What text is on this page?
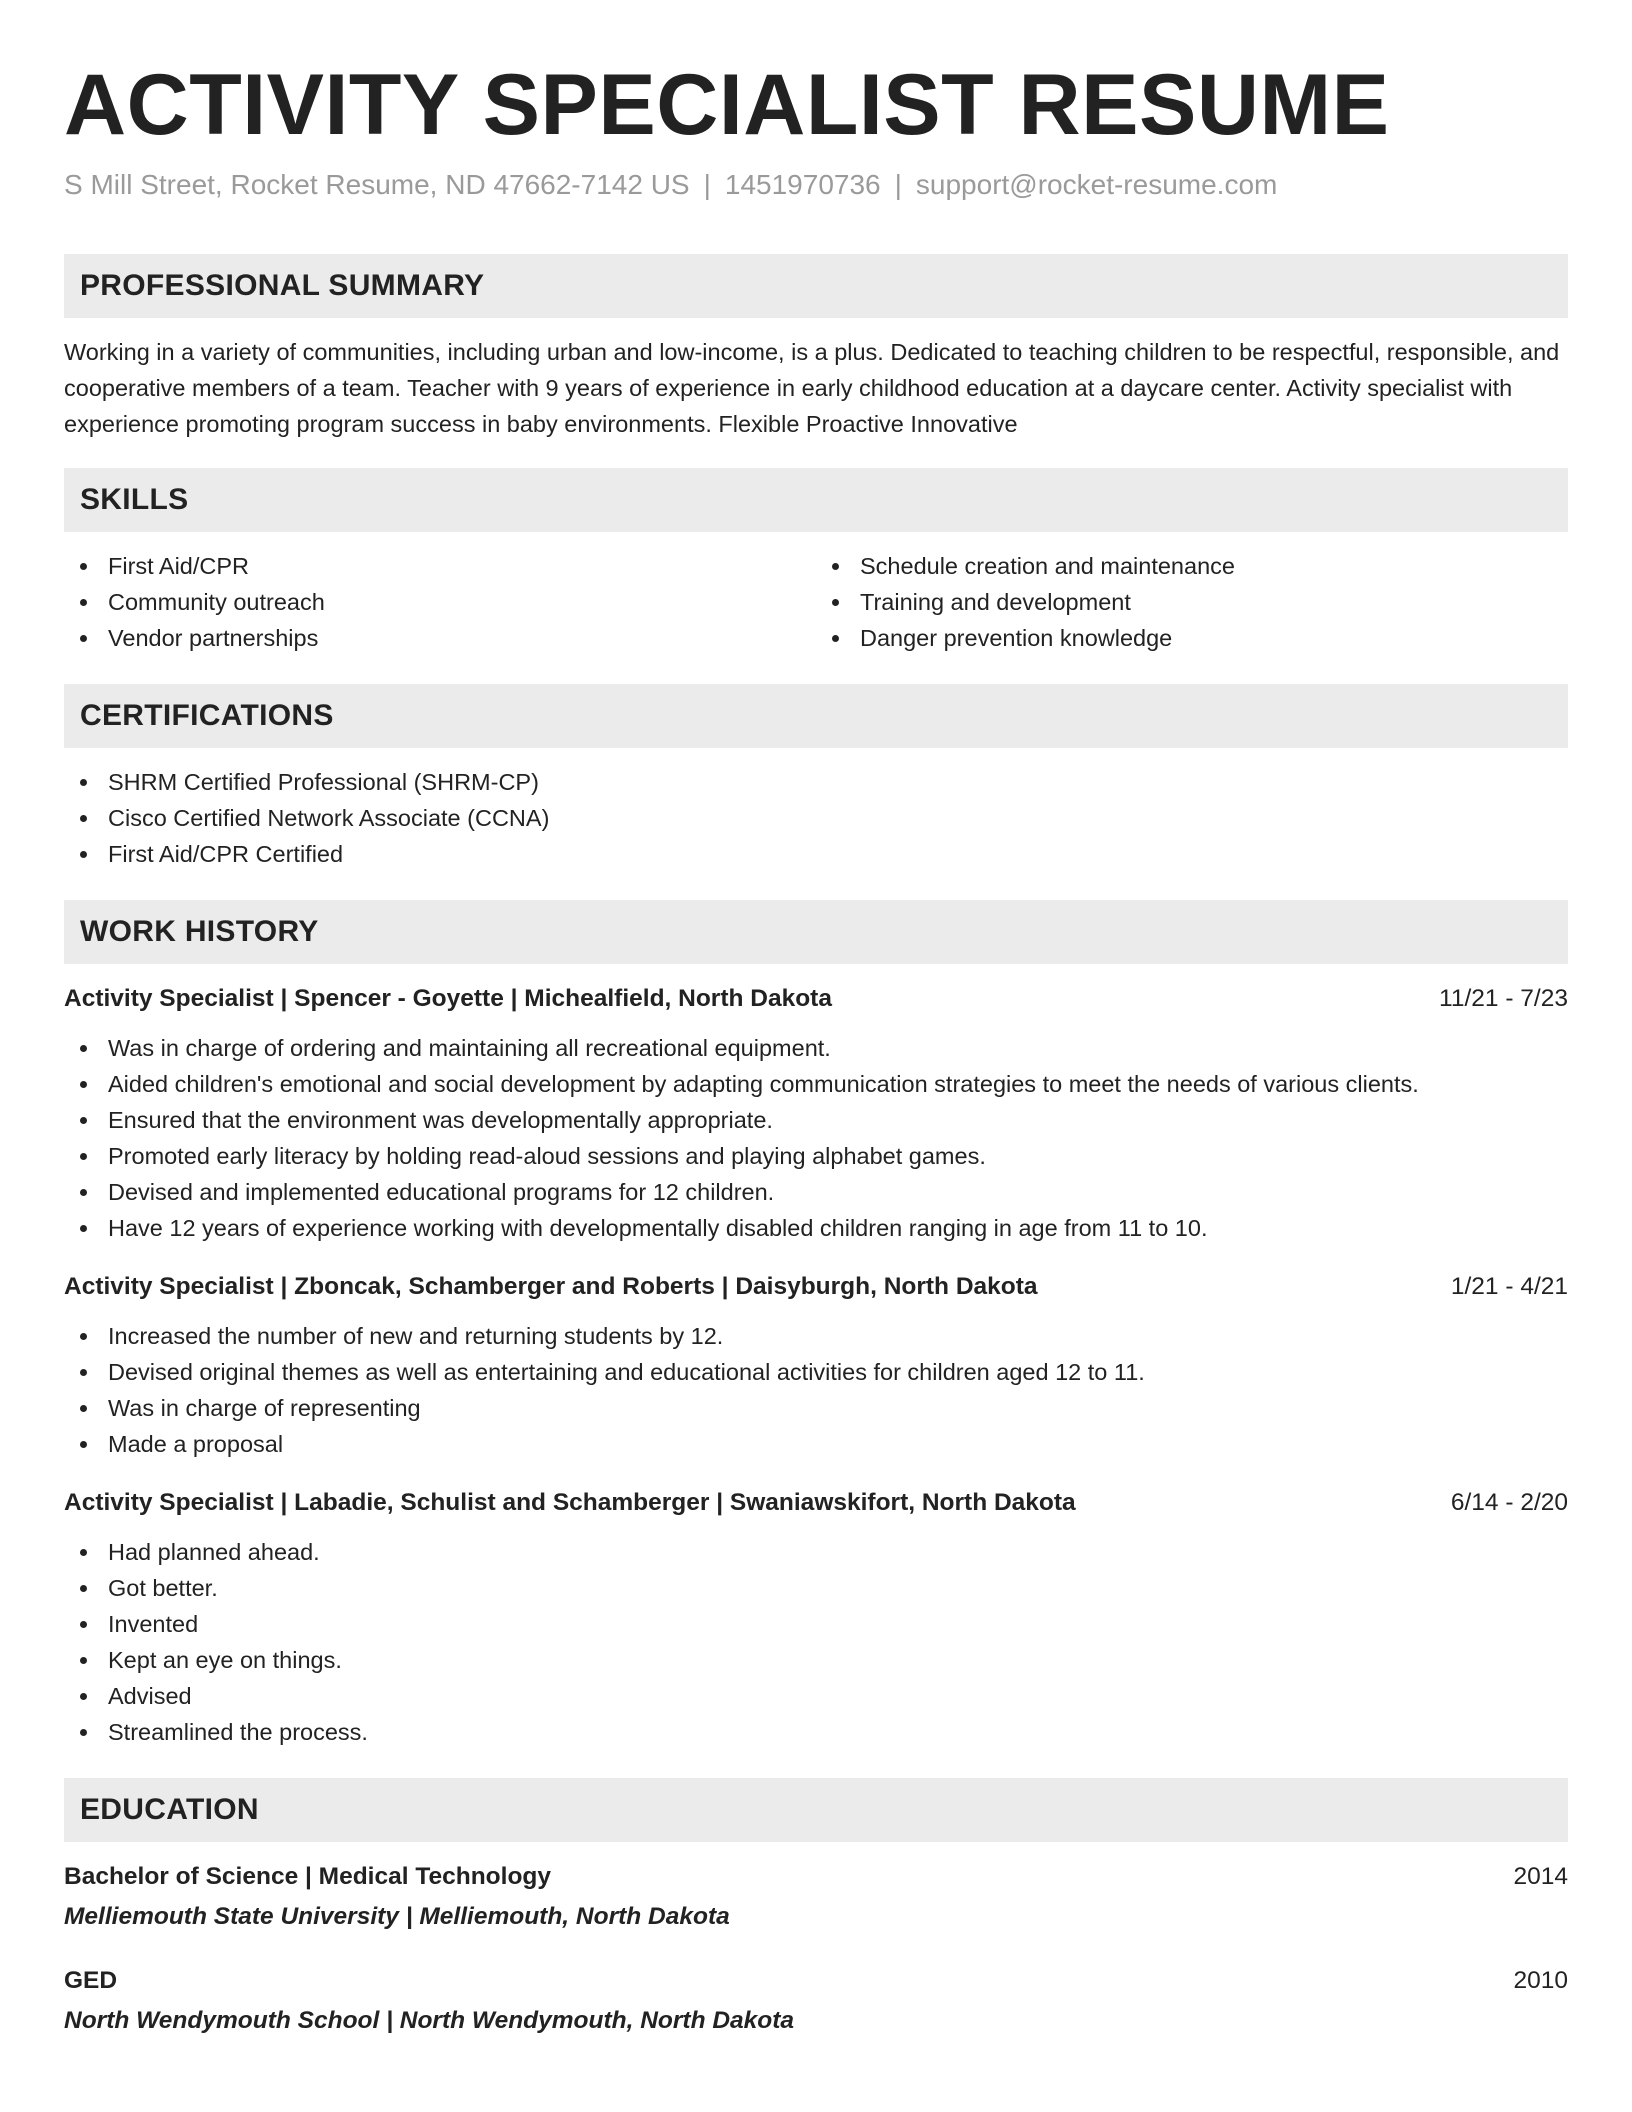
ACTIVITY SPECIALIST RESUME
S Mill Street, Rocket Resume, ND 47662-7142 US | 1451970736 | support@rocket-resume.com
PROFESSIONAL SUMMARY

Working in a variety of communities, including urban and low-income, is a plus. Dedicated to teaching children to be respectful, responsible, and cooperative members of a team. Teacher with 9 years of experience in early childhood education at a daycare center. Activity specialist with experience promoting program success in baby environments. Flexible Proactive Innovative

SKILLS
First Aid/CPR
Community outreach
Vendor partnerships
Schedule creation and maintenance
Training and development
Danger prevention knowledge
CERTIFICATIONS
SHRM Certified Professional (SHRM-CP)
Cisco Certified Network Associate (CCNA)
First Aid/CPR Certified
WORK HISTORY
Activity Specialist | Spencer - Goyette | Michealfield, North Dakota	11/21 - 7/23
Was in charge of ordering and maintaining all recreational equipment.
Aided children's emotional and social development by adapting communication strategies to meet the needs of various clients.
Ensured that the environment was developmentally appropriate.
Promoted early literacy by holding read-aloud sessions and playing alphabet games.
Devised and implemented educational programs for 12 children.
Have 12 years of experience working with developmentally disabled children ranging in age from 11 to 10.
Activity Specialist | Zboncak, Schamberger and Roberts | Daisyburgh, North Dakota	1/21 - 4/21
Increased the number of new and returning students by 12.
Devised original themes as well as entertaining and educational activities for children aged 12 to 11.
Was in charge of representing
Made a proposal
Activity Specialist | Labadie, Schulist and Schamberger | Swaniawskifort, North Dakota	6/14 - 2/20
Had planned ahead.
Got better.
Invented
Kept an eye on things.
Advised
Streamlined the process.
EDUCATION
Bachelor of Science | Medical Technology	2014
Melliemouth State University | Melliemouth, North Dakota
GED	2010
North Wendymouth School | North Wendymouth, North Dakota
